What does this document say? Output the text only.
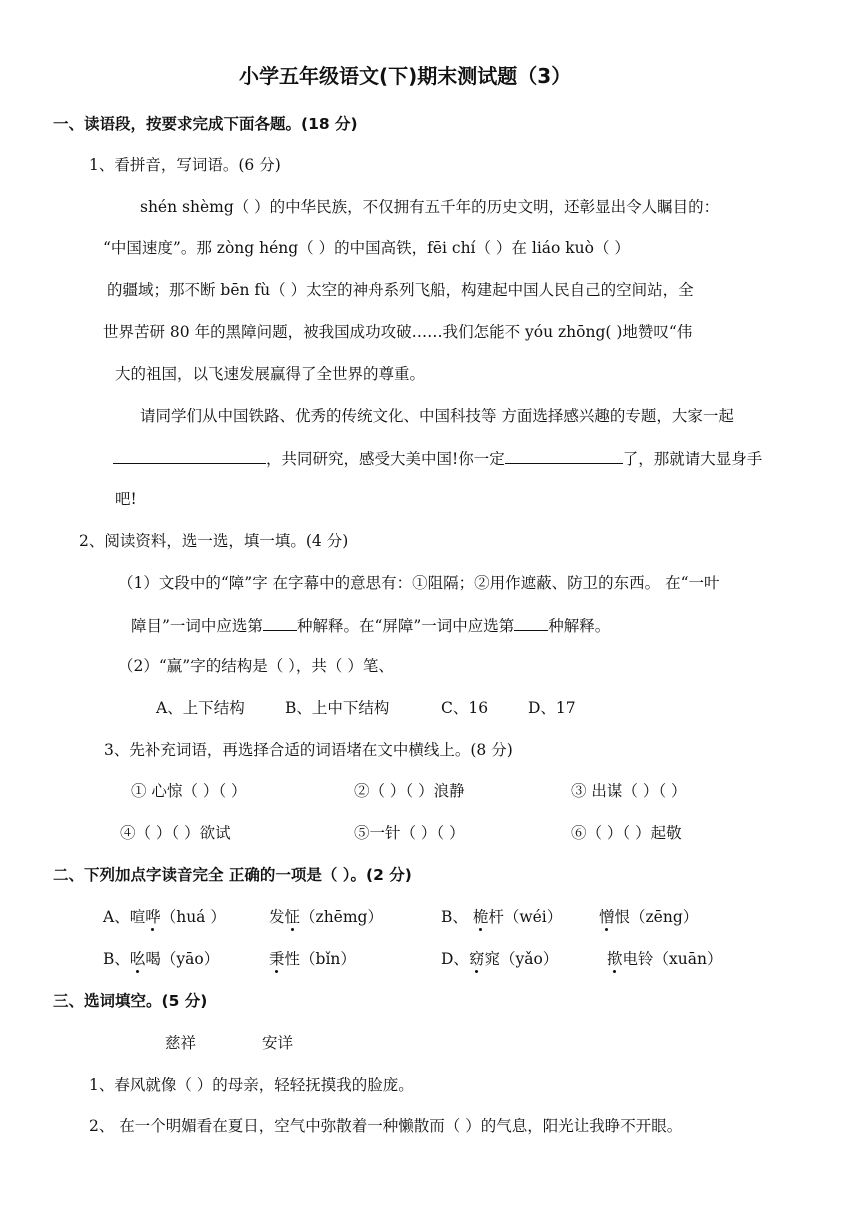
小学五年级语文(下)期末测试题（3）
一、读语段，按要求完成下面各题。(18 分)
1、看拼音，写词语。(6 分)
shén shèmg（ ）的中华民族，不仅拥有五千年的历史文明，还彰显出令人瞩目的：
“中国速度”。那 zòng héng（ ）的中国高铁，fēi chí（ ）在 liáo kuò（ ）
的疆域；那不断 bēn fù（ ）太空的神舟系列飞船，构建起中国人民自己的空间站，全
世界苦研 80 年的黑障问题，被我国成功攻破……我们怎能不 yóu zhōng( )地赞叹“伟
大的祖国，以飞速发展赢得了全世界的尊重。
请同学们从中国铁路、优秀的传统文化、中国科技等 方面选择感兴趣的专题，大家一起
，共同研究，感受大美中国!你一定	了，那就请大显身手
吧!
2、阅读资料，选一选，填一填。(4 分)
（1）文段中的“障”字 在字幕中的意思有：①阻隔；②用作遮蔽、防卫的东西。 在“一叶
障目”一词中应选第 种解释。在“屏障”一词中应选第 种解释。
（2）“赢”字的结构是（ ），共（ ）笔、
A、上下结构	B、上中下结构	C、16	D、17
3、先补充词语，再选择合适的词语堵在文中横线上。(8 分)
① 心惊（ ）（ ）	②（ ）（ ）浪静	③ 出谋（ ）（ ）
④（ ）（ ）欲试	⑤一针（ ）（ ）	⑥（ ）（ ）起敬
二、下列加点字读音完全 正确的一项是（ ）。(2 分)
A、喧哗（huá ）	发怔（zhēmg）	B、 桅杆（wéi） 憎恨（zēng）
B、吆喝（yāo）	秉性（bǐn）	D、窈窕（yǎo）	揿电铃（xuān）
三、选词填空。(5 分)
慈祥	安详
1、春风就像（ ）的母亲，轻轻抚摸我的脸庞。
2、 在一个明媚看在夏日，空气中弥散着一种懒散而（ ）的气息，阳光让我睁不开眼。
